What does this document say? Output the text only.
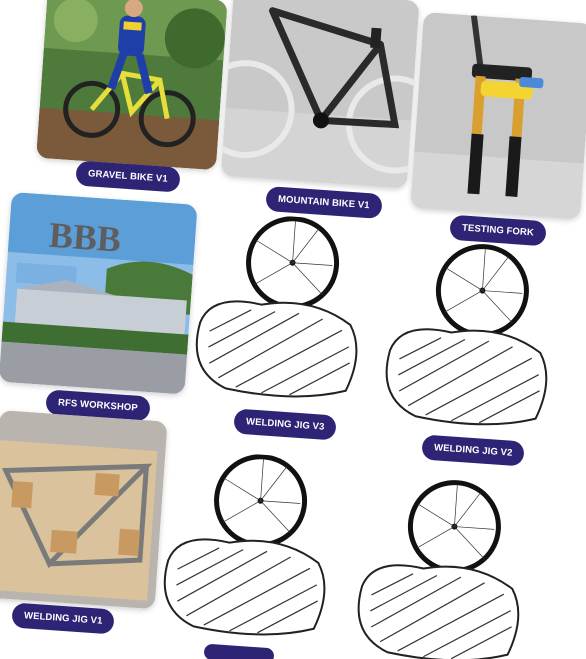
GRAVEL BIKE V1
MOUNTAIN BIKE V1
TESTING FORK
BBB
RFS WORKSHOP
WELDING JIG V3
WELDING JIG V2
WELDING JIG V1
